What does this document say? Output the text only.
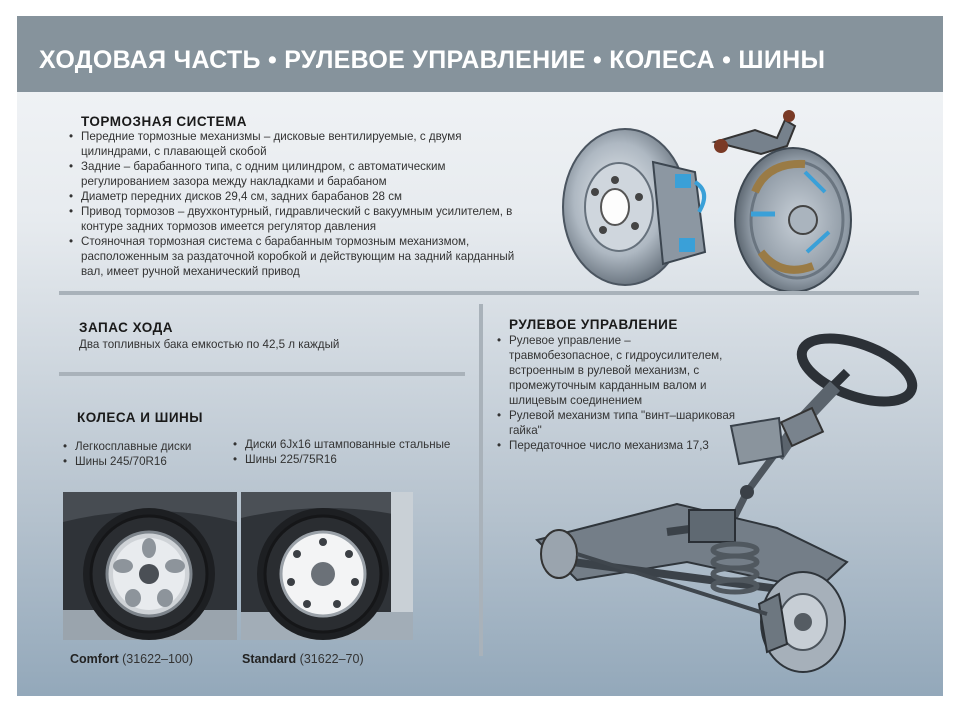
ХОДОВАЯ ЧАСТЬ • РУЛЕВОЕ УПРАВЛЕНИЕ • КОЛЕСА • ШИНЫ
ТОРМОЗНАЯ СИСТЕМА
• Передние тормозные механизмы – дисковые вентилируемые, с двумя цилиндрами, с плавающей скобой
• Задние – барабанного типа, с одним цилиндром, с автоматическим регулированием зазора между накладками и барабаном
• Диаметр передних дисков 29,4 см, задних барабанов 28 см
• Привод тормозов – двухконтурный, гидравлический с вакуумным усилителем, в контуре задних тормозов имеется регулятор давления
• Стояночная тормозная система с барабанным тормозным механизмом, расположенным за раздаточной коробкой и действующим на задний карданный вал, имеет ручной механический привод
ЗАПАС ХОДА

Два топливных бака емкостью по 42,5 л каждый

КОЛЕСА И ШИНЫ
• Легкосплавные диски
• Шины 245/70R16
• Диски 6Jx16 штампованные стальные
• Шины 225/75R16
Comfort (31622–100)	Standard (31622–70)
РУЛЕВОЕ УПРАВЛЕНИЕ
• Рулевое управление – травмобезопасное, с гидроусилителем, встроенным в рулевой механизм, с промежуточным карданным валом и шлицевым соединением
• Рулевой механизм типа "винт–шариковая гайка"
• Передаточное число механизма 17,3
